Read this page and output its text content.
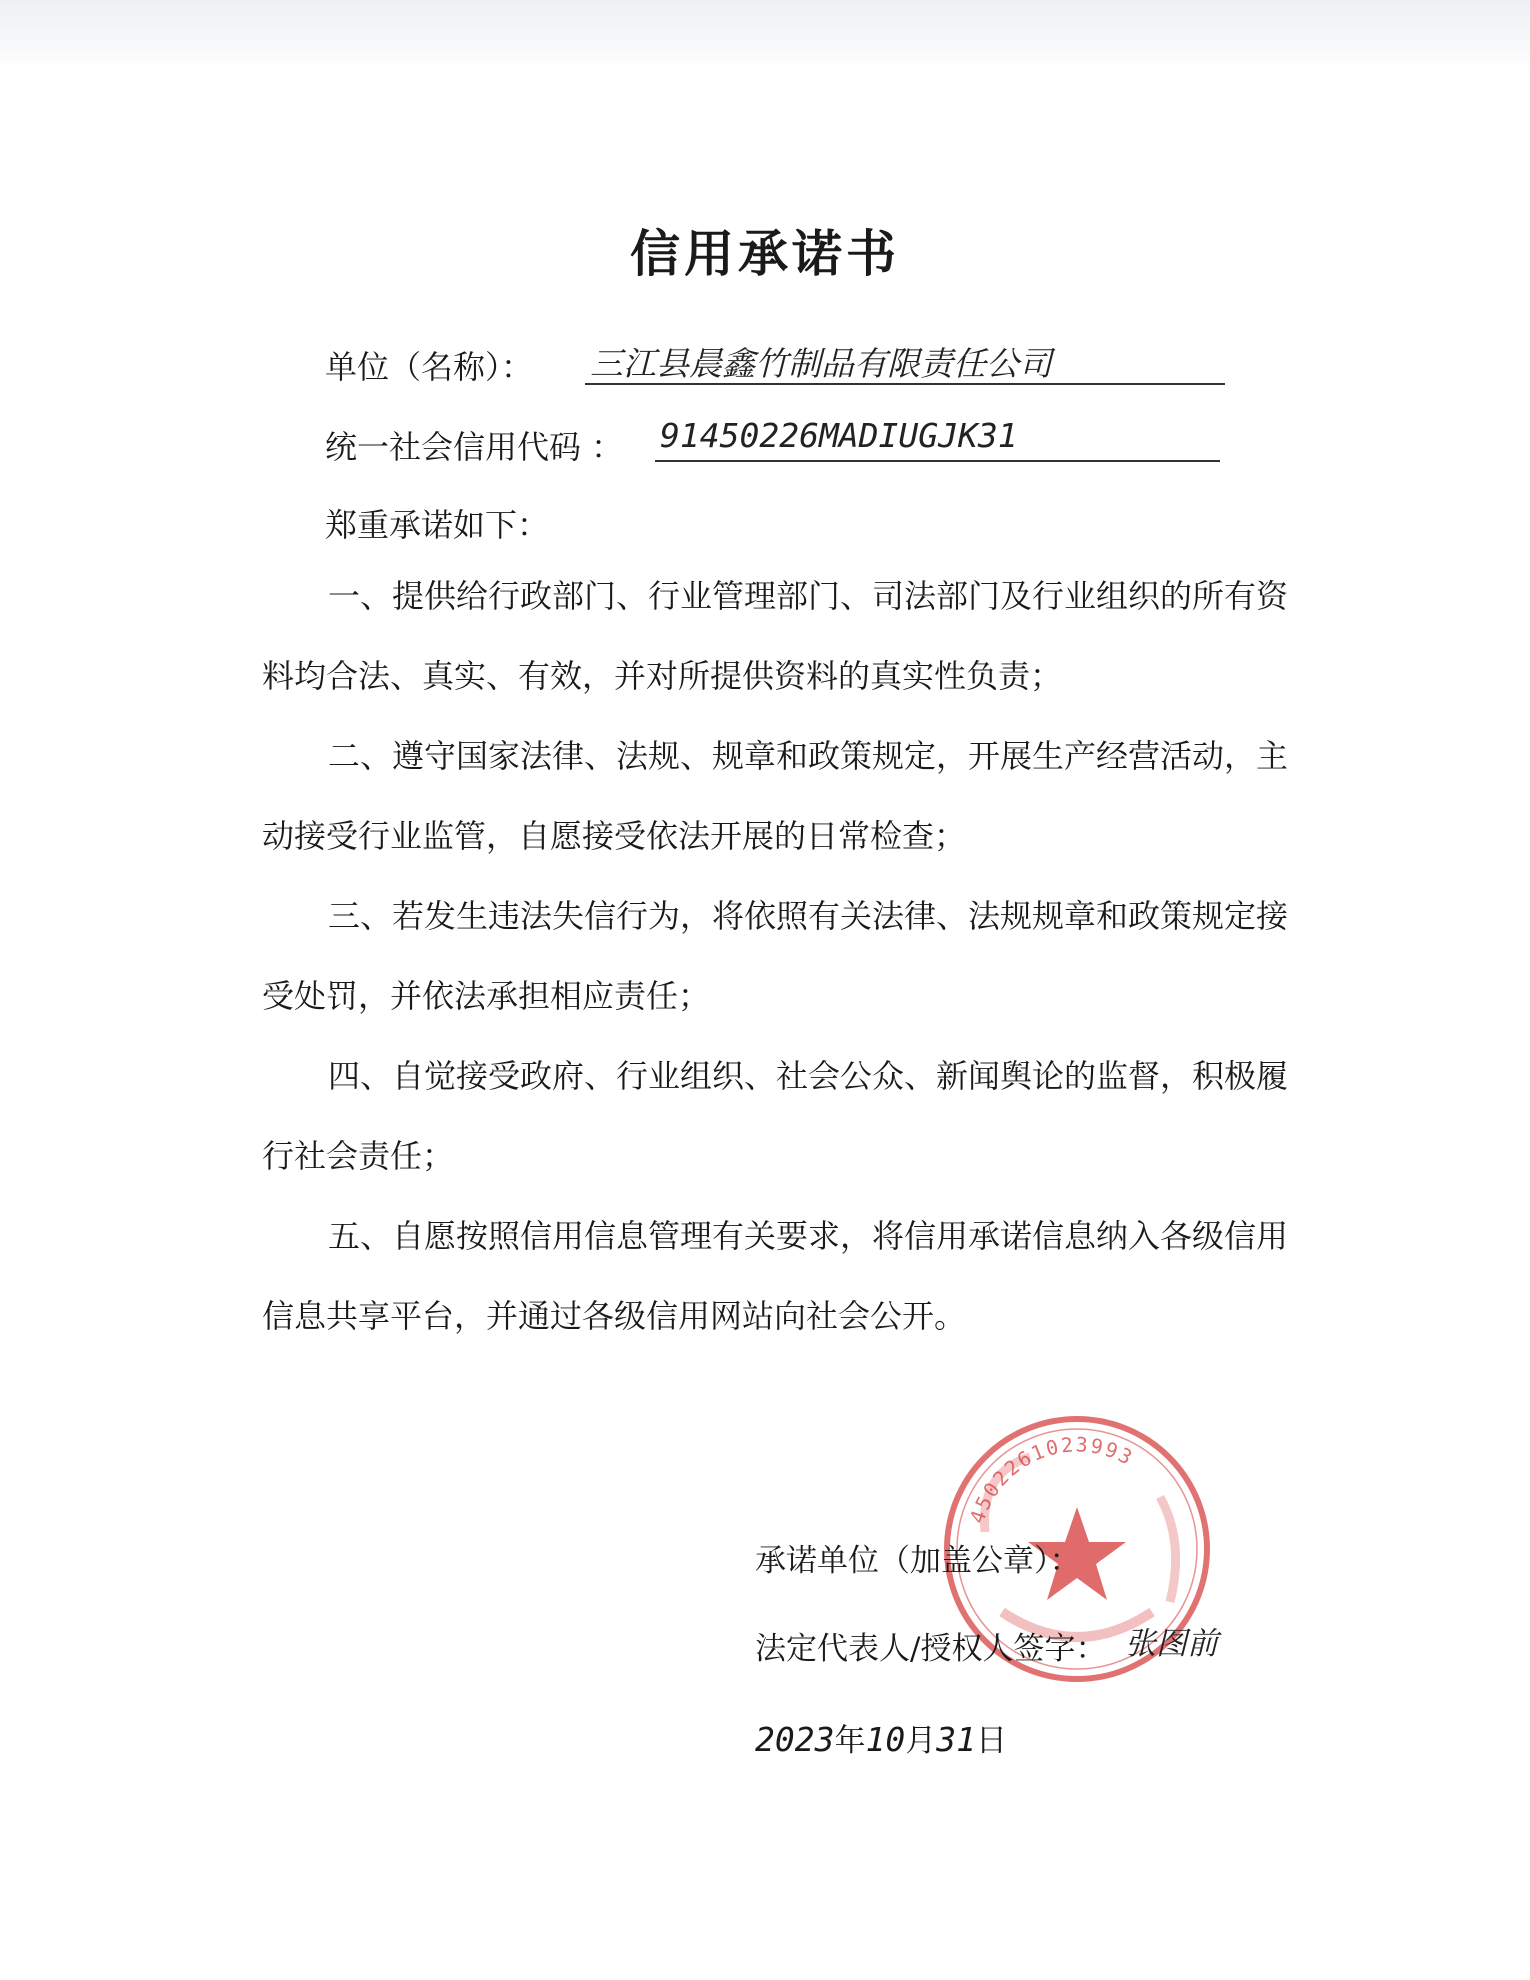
信用承诺书
单位（名称）： 三江县晨鑫竹制品有限责任公司
统一社会信用代码 ： 91450226MADIUGJK31
郑重承诺如下：

一、提供给行政部门、行业管理部门、司法部门及行业组织的所有资料均合法、真实、有效，并对所提供资料的真实性负责；

二、遵守国家法律、法规、规章和政策规定，开展生产经营活动，主动接受行业监管，自愿接受依法开展的日常检查；

三、若发生违法失信行为，将依照有关法律、法规规章和政策规定接受处罚，并依法承担相应责任；

四、自觉接受政府、行业组织、社会公众、新闻舆论的监督，积极履行社会责任；

五、自愿按照信用信息管理有关要求，将信用承诺信息纳入各级信用信息共享平台，并通过各级信用网站向社会公开。

4502261023993
承诺单位（加盖公章）：
法定代表人/授权人签字： 张图前
2023年10月31日
